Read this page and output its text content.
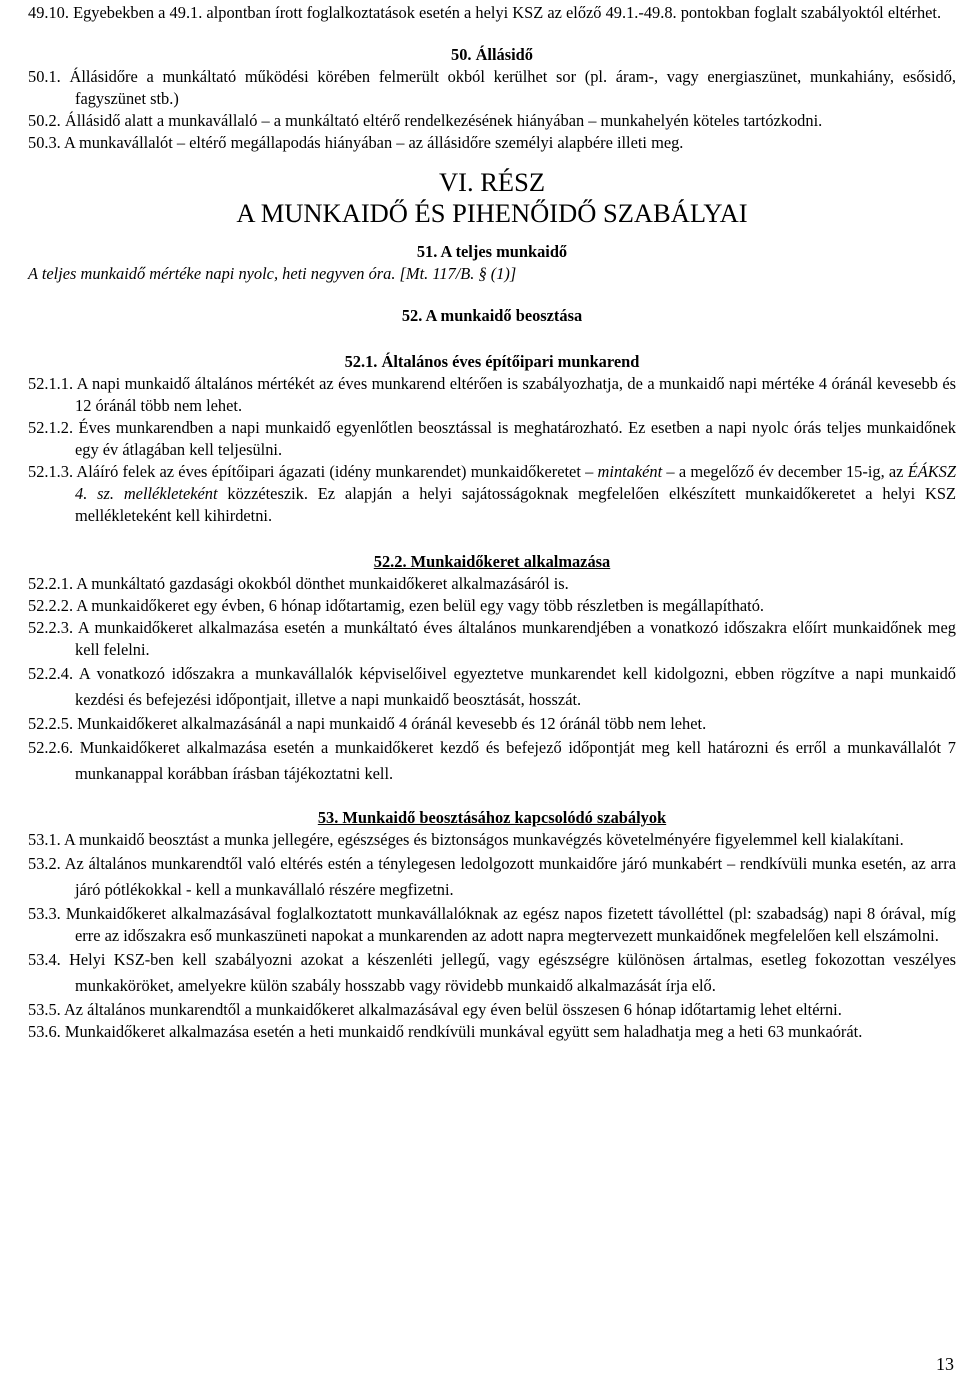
49.10. Egyebekben a 49.1. alpontban írott foglalkoztatások esetén a helyi KSZ az előző 49.1.-49.8. pontokban foglalt szabályoktól eltérhet.

50. Állásidő

50.1. Állásidőre a munkáltató működési körében felmerült okból kerülhet sor (pl. áram-, vagy energiaszünet, munkahiány, esősidő, fagyszünet stb.)

50.2. Állásidő alatt a munkavállaló – a munkáltató eltérő rendelkezésének hiányában – munkahelyén köteles tartózkodni.

50.3. A munkavállalót – eltérő megállapodás hiányában – az állásidőre személyi alapbére illeti meg.

VI. RÉSZ

A MUNKAIDŐ ÉS PIHENŐIDŐ SZABÁLYAI

51. A teljes munkaidő

A teljes munkaidő mértéke napi nyolc, heti negyven óra. [Mt. 117/B. § (1)]

52. A munkaidő beosztása

52.1. Általános éves építőipari munkarend

52.1.1. A napi munkaidő általános mértékét az éves munkarend eltérően is szabályozhatja, de a munkaidő napi mértéke 4 óránál kevesebb és 12 óránál több nem lehet.

52.1.2. Éves munkarendben a napi munkaidő egyenlőtlen beosztással is meghatározható. Ez esetben a napi nyolc órás teljes munkaidőnek egy év átlagában kell teljesülni.

52.1.3. Aláíró felek az éves építőipari ágazati (idény munkarendet) munkaidőkeretet – mintaként – a megelőző év december 15-ig, az ÉÁKSZ 4. sz. mellékleteként közzéteszik. Ez alapján a helyi sajátosságoknak megfelelően elkészített munkaidőkeretet a helyi KSZ mellékleteként kell kihirdetni.

52.2. Munkaidőkeret alkalmazása

52.2.1. A munkáltató gazdasági okokból dönthet munkaidőkeret alkalmazásáról is.

52.2.2. A munkaidőkeret egy évben, 6 hónap időtartamig, ezen belül egy vagy több részletben is megállapítható.

52.2.3. A munkaidőkeret alkalmazása esetén a munkáltató éves általános munkarendjében a vonatkozó időszakra előírt munkaidőnek meg kell felelni.

52.2.4. A vonatkozó időszakra a munkavállalók képviselőivel egyeztetve munkarendet kell kidolgozni, ebben rögzítve a napi munkaidő kezdési és befejezési időpontjait, illetve a napi munkaidő beosztását, hosszát.

52.2.5. Munkaidőkeret alkalmazásánál a napi munkaidő 4 óránál kevesebb és 12 óránál több nem lehet.

52.2.6. Munkaidőkeret alkalmazása esetén a munkaidőkeret kezdő és befejező időpontját meg kell határozni és erről a munkavállalót 7 munkanappal korábban írásban tájékoztatni kell.

53. Munkaidő beosztásához kapcsolódó szabályok

53.1. A munkaidő beosztást a munka jellegére, egészséges és biztonságos munkavégzés követelményére figyelemmel kell kialakítani.

53.2. Az általános munkarendtől való eltérés estén a ténylegesen ledolgozott munkaidőre járó munkabért – rendkívüli munka esetén, az arra járó pótlékokkal - kell a munkavállaló részére megfizetni.

53.3. Munkaidőkeret alkalmazásával foglalkoztatott munkavállalóknak az egész napos fizetett távolléttel (pl: szabadság) napi 8 órával, míg erre az időszakra eső munkaszüneti napokat a munkarenden az adott napra megtervezett munkaidőnek megfelelően kell elszámolni.

53.4. Helyi KSZ-ben kell szabályozni azokat a készenléti jellegű, vagy egészségre különösen ártalmas, esetleg fokozottan veszélyes munkaköröket, amelyekre külön szabály hosszabb vagy rövidebb munkaidő alkalmazását írja elő.

53.5. Az általános munkarendtől a munkaidőkeret alkalmazásával egy éven belül összesen 6 hónap időtartamig lehet eltérni.

53.6. Munkaidőkeret alkalmazása esetén a heti munkaidő rendkívüli munkával együtt sem haladhatja meg a heti 63 munkaórát.

13
